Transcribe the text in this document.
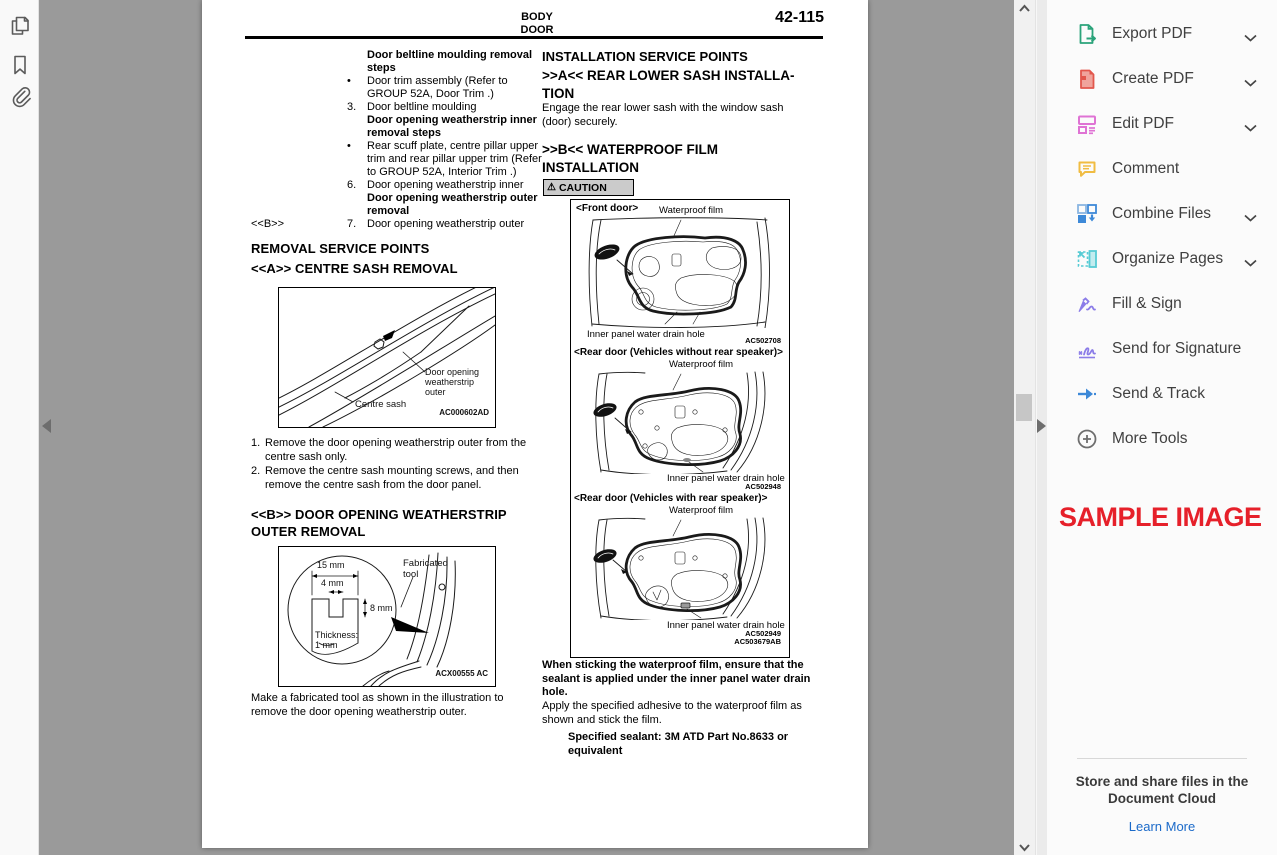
BODY
DOOR
42-115
Door beltline moulding removal steps
• Door trim assembly (Refer to GROUP 52A, Door Trim .)
3. Door beltline moulding
Door opening weatherstrip inner removal steps
• Rear scuff plate, centre pillar upper trim and rear pillar upper trim (Refer to GROUP 52A, Interior Trim .)
6. Door opening weatherstrip inner
Door opening weatherstrip outer removal
7. Door opening weatherstrip outer
<<B>>
REMOVAL SERVICE POINTS
<<A>> CENTRE SASH REMOVAL
Door opening
weatherstrip
outer
Centre sash
AC000602AD
1. Remove the door opening weatherstrip outer from the centre sash only.
2. Remove the centre sash mounting screws, and then remove the centre sash from the door panel.
<<B>> DOOR OPENING WEATHERSTRIP
OUTER REMOVAL
15 mm
4 mm
8 mm
Thickness:
1 mm
Fabricated
tool
ACX00555 AC
Make a fabricated tool as shown in the illustration to remove the door opening weatherstrip outer.
INSTALLATION SERVICE POINTS
>>A<< REAR LOWER SASH INSTALLA-
TION
Engage the rear lower sash with the window sash (door) securely.
>>B<< WATERPROOF FILM
INSTALLATION
⚠ CAUTION
<Front door> Waterproof film
Inner panel water drain hole
AC502708
<Rear door (Vehicles without rear speaker)>
Waterproof film
Inner panel water drain hole
AC502948
<Rear door (Vehicles with rear speaker)>
Waterproof film
Inner panel water drain hole
AC502949
AC503679AB
When sticking the waterproof film, ensure that the sealant is applied under the inner panel water drain hole.
Apply the specified adhesive to the waterproof film as shown and stick the film.
Specified sealant: 3M ATD Part No.8633 or equivalent
Export PDF
Create PDF
Edit PDF
Comment
Combine Files
Organize Pages
Fill & Sign
Send for Signature
Send & Track
More Tools
SAMPLE IMAGE
Store and share files in the Document Cloud
Learn More
